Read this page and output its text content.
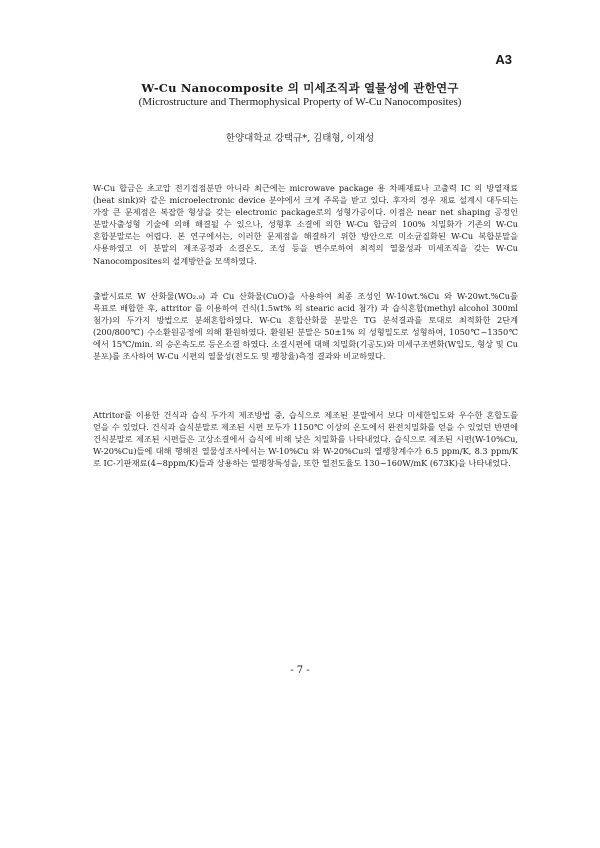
A3
W-Cu Nanocomposite 의 미세조직과 열물성에 관한연구
(Microstructure and Thermophysical Property of W-Cu Nanocomposites)
한양대학교 강택규*, 김태형, 이재성

W-Cu 합금은 초고압 전기접점분만 아니라 최근에는 microwave package 용 차폐재료나 고출력 IC 의 방열재료(heat sink)와 같은 microelectronic device 분야에서 크게 주목을 받고 있다. 후자의 경우 재료 설계시 대두되는 가장 큰 문제점은 복잡한 형상을 갖는 electronic package로의 성형가공이다. 이점은 near net shaping 공정인 분말사출성형 기술에 의해 해결될 수 있으나, 성형후 소결에 의한 W-Cu 합금의 100% 치밀화가 기존의 W-Cu 혼합분말로는 어렵다. 본 연구에서는, 이러한 문제점을 해결하기 위한 방안으로 미소균질화된 W-Cu 복합분말을 사용하였고 이 분말의 제조공정과 소결온도, 조성 등을 변수로하여 최적의 열물성과 미세조직을 갖는 W-Cu Nanocomposites의 설계방안을 모색하였다.

출발시료로 W 산화물(WO₂.₉) 과 Cu 산화물(CuO)을 사용하여 최종 조성인 W-10wt.%Cu 와 W-20wt.%Cu를 목표로 배합한 후, attritor 를 이용하여 건식(1.5wt% 의 stearic acid 첨가) 과 습식혼합(methyl alcohol 300ml 첨가)의 두가지 방법으로 분쇄혼합하였다. W-Cu 혼합산화물 분말은 TG 분석결과를 토대로 최적화한 2단계(200/800℃) 수소환원공정에 의해 환원하였다. 환원된 분말은 50±1% 의 성형밀도로 성형하여, 1050℃~1350℃ 에서 15℃/min. 의 승온속도로 등온소결 하였다. 소결시편에 대해 치밀화(기공도)와 미세구조변화(W입도, 형상 및 Cu 분포)를 조사하여 W-Cu 시편의 열물성(전도도 및 팽창율)측정 결과와 비교하였다.

Attritor를 이용한 건식과 습식 두가지 제조방법 중, 습식으로 제조된 분말에서 보다 미세한입도와 우수한 혼합도를 얻을 수 있었다. 건식과 습식분말로 제조된 시편 모두가 1150℃ 이상의 온도에서 완전치밀화를 얻을 수 있었던 반면에 건식분말로 제조된 시편들은 고상소결에서 습식에 비해 낮은 치밀화를 나타내었다. 습식으로 제조된 시편(W-10%Cu, W-20%Cu)들에 대해 행해진 열물성조사에서는 W-10%Cu 와 W-20%Cu의 열팽창계수가 6.5 ppm/K, 8.3 ppm/K 로 IC-기판재료(4~8ppm/K)들과 상용하는 열팽창특성을, 또한 열전도율도 130~160W/mK (673K)을 나타내었다.

- 7 -
